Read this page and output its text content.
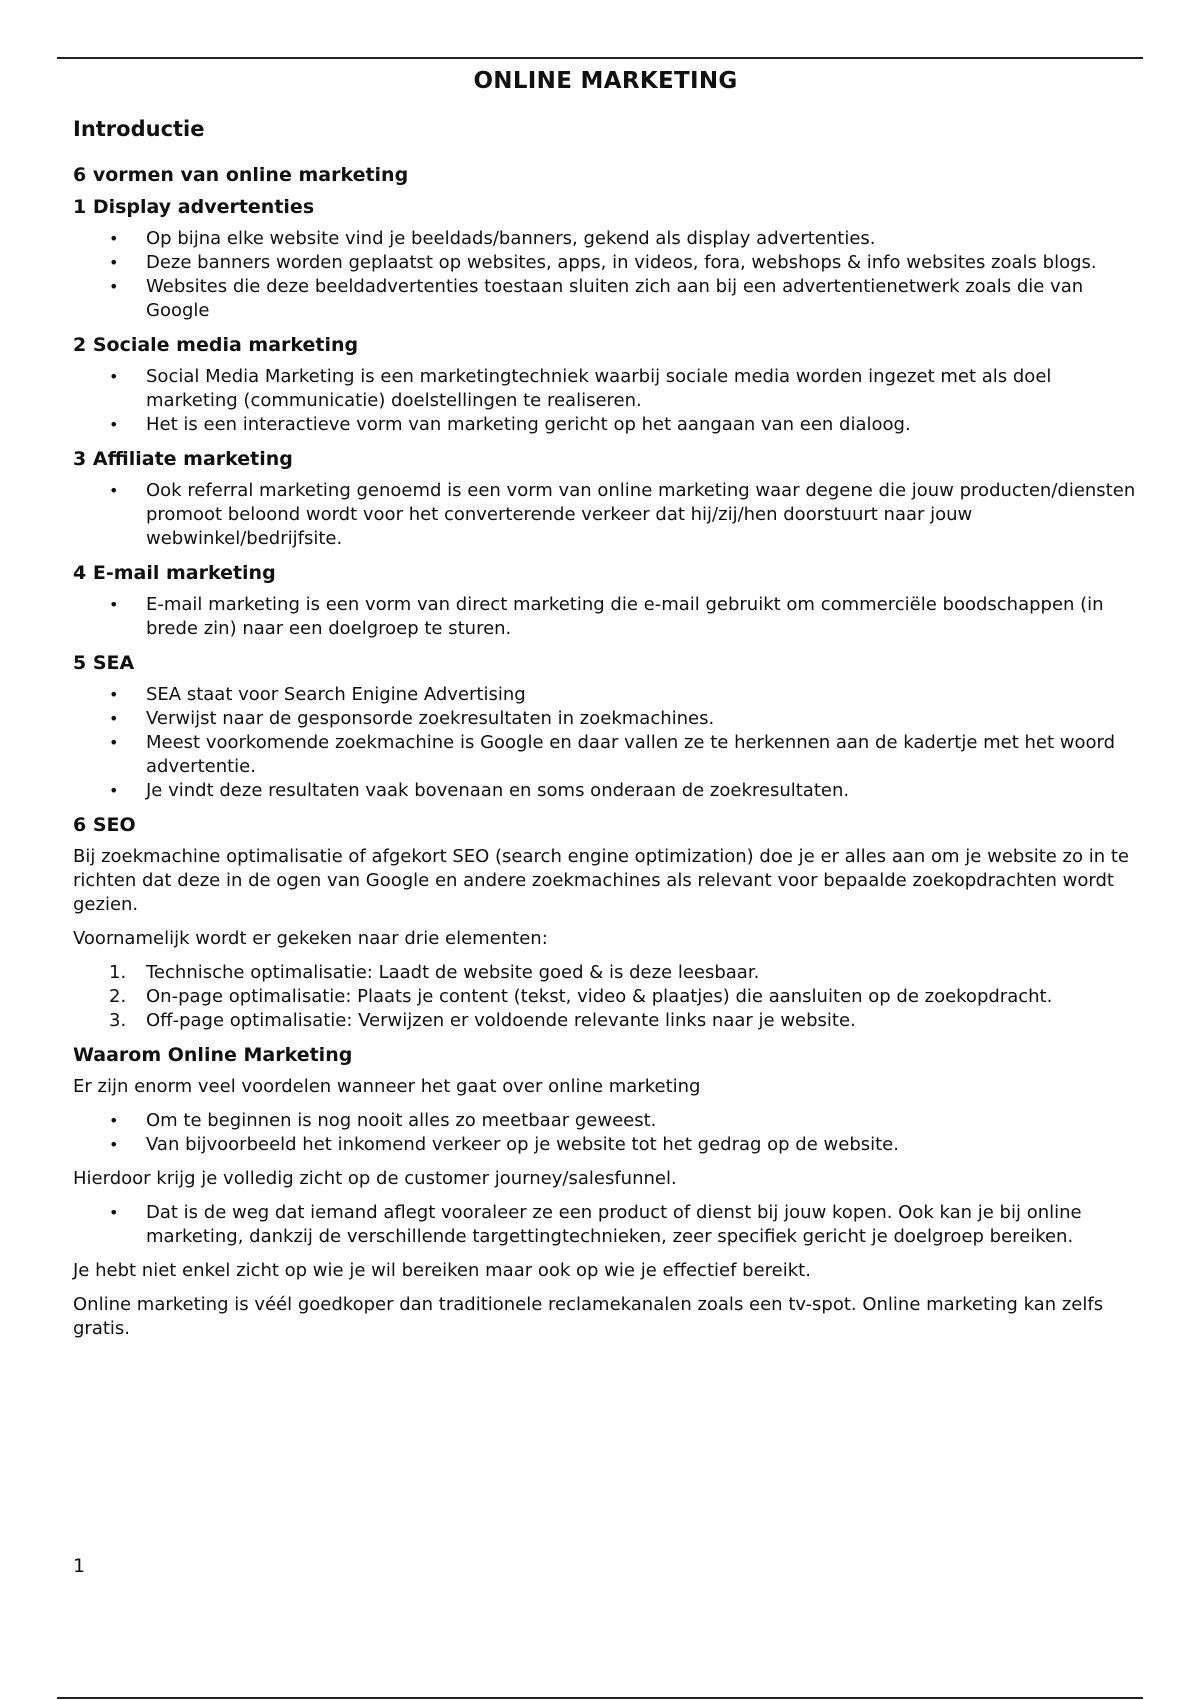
ONLINE MARKETING
Introductie
6 vormen van online marketing
1 Display advertenties
•	Op bijna elke website vind je beeldads/banners, gekend als display advertenties.
•	Deze banners worden geplaatst op websites, apps, in videos, fora, webshops & info websites zoals blogs.
•	Websites die deze beeldadvertenties toestaan sluiten zich aan bij een advertentienetwerk zoals die van Google
2 Sociale media marketing
•	Social Media Marketing is een marketingtechniek waarbij sociale media worden ingezet met als doel marketing (communicatie) doelstellingen te realiseren.
•	Het is een interactieve vorm van marketing gericht op het aangaan van een dialoog.
3 Affiliate marketing
•	Ook referral marketing genoemd is een vorm van online marketing waar degene die jouw producten/diensten promoot beloond wordt voor het converterende verkeer dat hij/zij/hen doorstuurt naar jouw webwinkel/bedrijfsite.
4 E-mail marketing
•	E-mail marketing is een vorm van direct marketing die e-mail gebruikt om commerciële boodschappen (in brede zin) naar een doelgroep te sturen.
5 SEA
•	SEA staat voor Search Enigine Advertising
•	Verwijst naar de gesponsorde zoekresultaten in zoekmachines.
•	Meest voorkomende zoekmachine is Google en daar vallen ze te herkennen aan de kadertje met het woord advertentie.
•	Je vindt deze resultaten vaak bovenaan en soms onderaan de zoekresultaten.
6 SEO

Bij zoekmachine optimalisatie of afgekort SEO (search engine optimization) doe je er alles aan om je website zo in te richten dat deze in de ogen van Google en andere zoekmachines als relevant voor bepaalde zoekopdrachten wordt gezien.

Voornamelijk wordt er gekeken naar drie elementen:

1.	Technische optimalisatie: Laadt de website goed & is deze leesbaar.
2.	On-page optimalisatie: Plaats je content (tekst, video & plaatjes) die aansluiten op de zoekopdracht.
3.	Off-page optimalisatie: Verwijzen er voldoende relevante links naar je website.
Waarom Online Marketing

Er zijn enorm veel voordelen wanneer het gaat over online marketing

•	Om te beginnen is nog nooit alles zo meetbaar geweest.
•	Van bijvoorbeeld het inkomend verkeer op je website tot het gedrag op de website.

Hierdoor krijg je volledig zicht op de customer journey/salesfunnel.

•	Dat is de weg dat iemand aflegt vooraleer ze een product of dienst bij jouw kopen. Ook kan je bij online marketing, dankzij de verschillende targettingtechnieken, zeer specifiek gericht je doelgroep bereiken.

Je hebt niet enkel zicht op wie je wil bereiken maar ook op wie je effectief bereikt.

Online marketing is véél goedkoper dan traditionele reclamekanalen zoals een tv-spot. Online marketing kan zelfs gratis.

1
